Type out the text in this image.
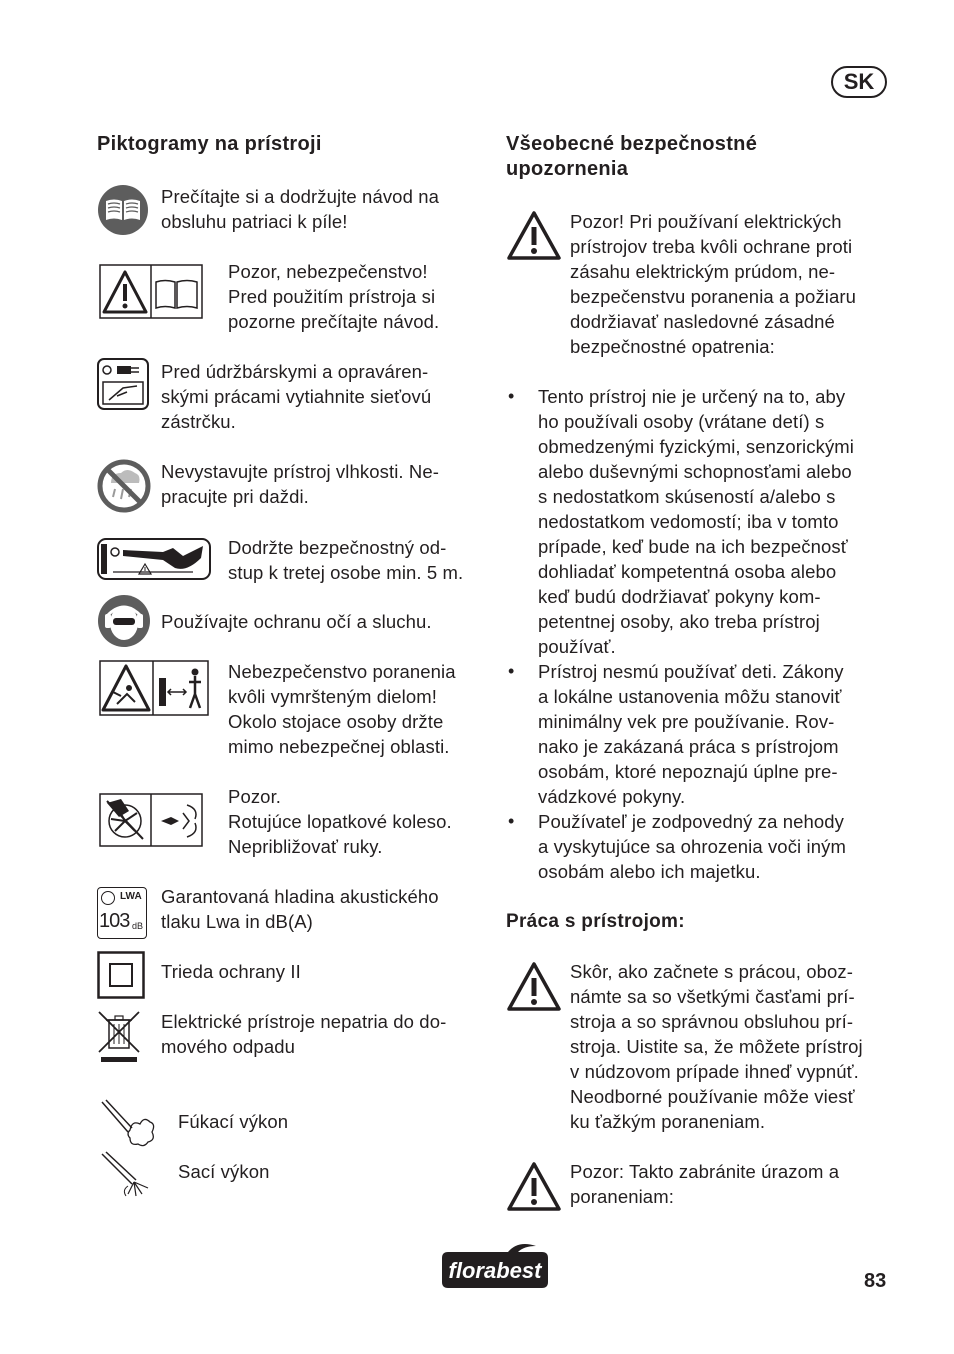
SK
Piktogramy na prístroji
Prečítajte si a dodržujte návod na
obsluhu patriaci k píle!
Pozor, nebezpečenstvo!
Pred použitím prístroja si
pozorne prečítajte návod.
Pred údržbárskymi a opraváren-
skými prácami vytiahnite sieťovú
zástrčku.
Nevystavujte prístroj vlhkosti. Ne-
pracujte pri daždi.
Dodržte bezpečnostný od-
stup k tretej osobe min. 5 m.
Používajte ochranu očí a sluchu.
Nebezpečenstvo poranenia
kvôli vymršteným dielom!
Okolo stojace osoby držte
mimo nebezpečnej oblasti.
Pozor.
Rotujúce lopatkové koleso.
Nepribližovať ruky.
LWA
103 dB
Garantovaná hladina akustického
tlaku Lwa in dB(A)
Trieda ochrany II
Elektrické prístroje nepatria do do-
mového odpadu
Fúkací výkon
Sací výkon
Všeobecné bezpečnostné
upozornenia
Pozor! Pri používaní elektrických
prístrojov treba kvôli ochrane proti
zásahu elektrickým prúdom, ne-
bezpečenstvu poranenia a požiaru
dodržiavať nasledovné zásadné
bezpečnostné opatrenia:
• Tento prístroj nie je určený na to, aby
ho používali osoby (vrátane detí) s
obmedzenými fyzickými, senzorickými
alebo duševnými schopnosťami alebo
s nedostatkom skúseností a/alebo s
nedostatkom vedomostí; iba v tomto
prípade, keď bude na ich bezpečnosť
dohliadať kompetentná osoba alebo
keď budú dodržiavať pokyny kom-
petentnej osoby, ako treba prístroj
používať.
• Prístroj nesmú používať deti. Zákony
a lokálne ustanovenia môžu stanoviť
minimálny vek pre používanie. Rov-
nako je zakázaná práca s prístrojom
osobám, ktoré nepoznajú úplne pre-
vádzkové pokyny.
• Používateľ je zodpovedný za nehody
a vyskytujúce sa ohrozenia voči iným
osobám alebo ich majetku.
Práca s prístrojom:
Skôr, ako začnete s prácou, oboz-
námte sa so všetkými časťami prí-
stroja a so správnou obsluhou prí-
stroja. Uistite sa, že môžete prístroj
v núdzovom prípade ihneď vypnúť.
Neodborné používanie môže viesť
ku ťažkým poraneniam.
Pozor: Takto zabránite úrazom a
poraneniam:
florabest	83
